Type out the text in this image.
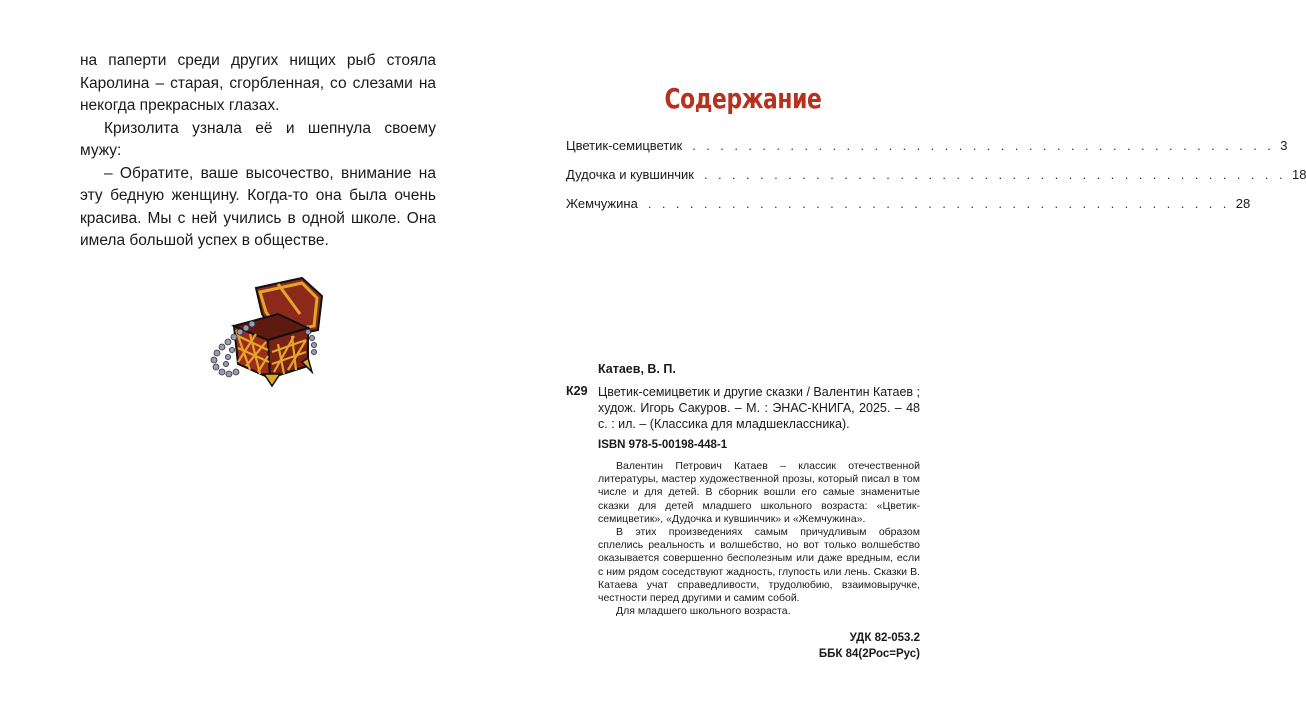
на паперти среди других нищих рыб стояла Каролина – старая, сгорбленная, со слезами на некогда прекрасных глазах.

Кризолита узнала её и шепнула своему мужу:

– Обратите, ваше высочество, внимание на эту бедную женщину. Когда-то она была очень красива. Мы с ней учились в одной школе. Она имела большой успех в обществе.

Содержание
Цветик-семицветик . . . . . . . . . . . . . . . . . . . . . . . . . . . . . . . . . . . . . . . . . . 3
Дудочка и кувшинчик . . . . . . . . . . . . . . . . . . . . . . . . . . . . . . . . . . . . . . . . . . 18
Жемчужина . . . . . . . . . . . . . . . . . . . . . . . . . . . . . . . . . . . . . . . . . . 28
Катаев, В. П.
К29 Цветик-семицветик и другие сказки / Валентин Катаев ; худож. Игорь Сакуров. – М. : ЭНАС-КНИГА, 2025. – 48 с. : ил. – (Классика для младшеклассника).
ISBN 978-5-00198-448-1

Валентин Петрович Катаев – классик отечественной литературы, мастер художественной прозы, который писал в том числе и для детей. В сборник вошли его самые знаменитые сказки для детей младшего школьного возраста: «Цветик-семицветик», «Дудочка и кувшинчик» и «Жемчужина».

В этих произведениях самым причудливым образом сплелись реальность и волшебство, но вот только волшебство оказывается совершенно бесполезным или даже вредным, если с ним рядом соседствуют жадность, глупость или лень. Сказки В. Катаева учат справедливости, трудолюбию, взаимовыручке, честности перед другими и самим собой.

Для младшего школьного возраста.

УДК 82-053.2
ББК 84(2Рос=Рус)
